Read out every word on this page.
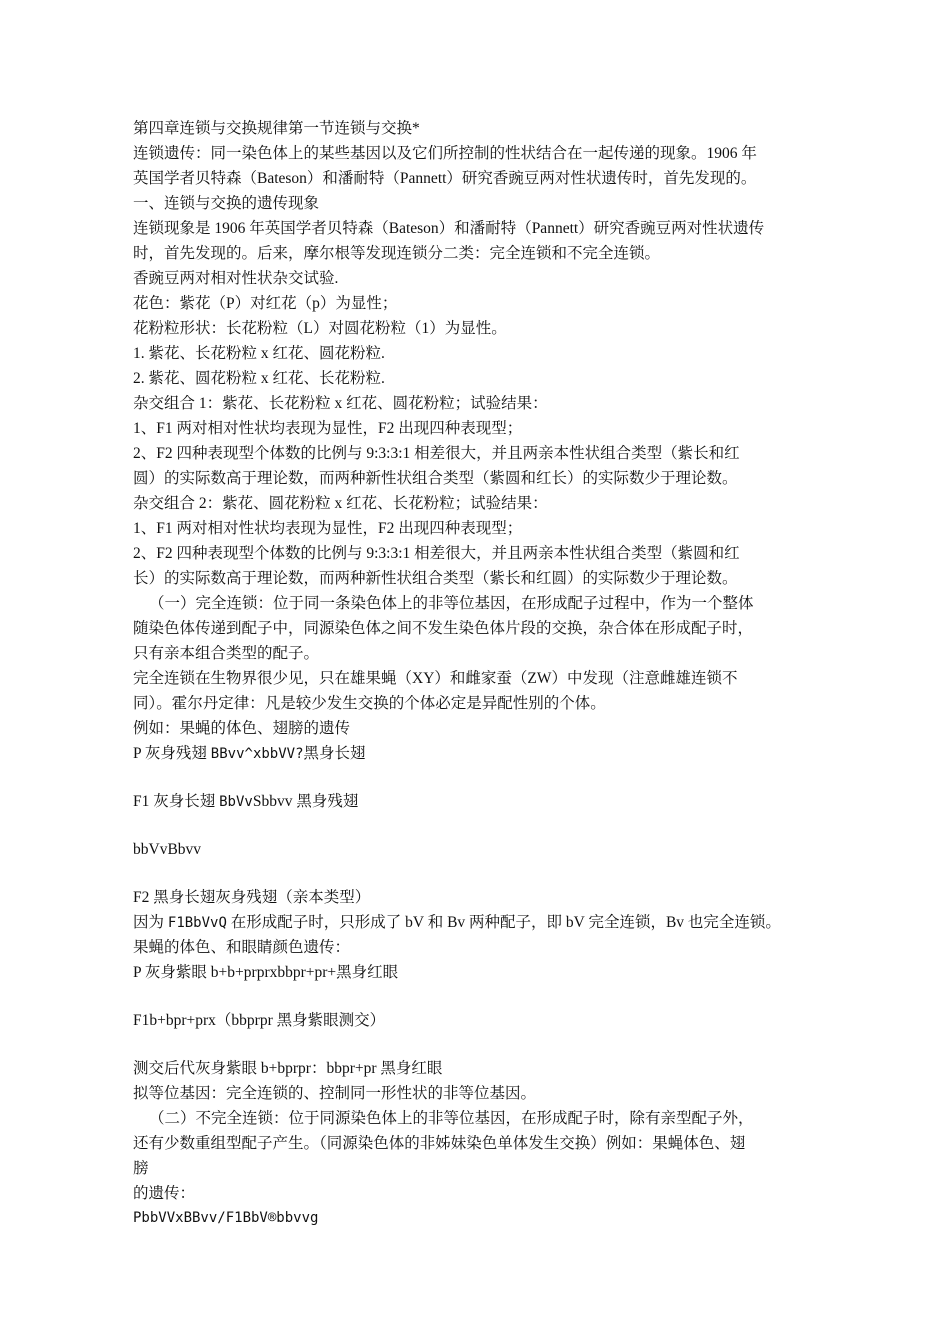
第四章连锁与交换规律第一节连锁与交换*
连锁遗传：同一染色体上的某些基因以及它们所控制的性状结合在一起传递的现象。1906 年
英国学者贝特森（Bateson）和潘耐特（Pannett）研究香豌豆两对性状遗传时，首先发现的。
一、连锁与交换的遗传现象
连锁现象是 1906 年英国学者贝特森（Bateson）和潘耐特（Pannett）研究香豌豆两对性状遗传
时，首先发现的。后来，摩尔根等发现连锁分二类：完全连锁和不完全连锁。
香豌豆两对相对性状杂交试验.
花色：紫花（P）对红花（p）为显性；
花粉粒形状：长花粉粒（L）对圆花粉粒（1）为显性。
1. 紫花、长花粉粒 x 红花、圆花粉粒.
2. 紫花、圆花粉粒 x 红花、长花粉粒.
杂交组合 1：紫花、长花粉粒 x 红花、圆花粉粒；试验结果：
1、F1 两对相对性状均表现为显性，F2 出现四种表现型；
2、F2 四种表现型个体数的比例与 9:3:3:1 相差很大，并且两亲本性状组合类型（紫长和红
圆）的实际数高于理论数，而两种新性状组合类型（紫圆和红长）的实际数少于理论数。
杂交组合 2：紫花、圆花粉粒 x 红花、长花粉粒；试验结果：
1、F1 两对相对性状均表现为显性，F2 出现四种表现型；
2、F2 四种表现型个体数的比例与 9:3:3:1 相差很大，并且两亲本性状组合类型（紫圆和红
长）的实际数高于理论数，而两种新性状组合类型（紫长和红圆）的实际数少于理论数。
（一）完全连锁：位于同一条染色体上的非等位基因，在形成配子过程中，作为一个整体
随染色体传递到配子中，同源染色体之间不发生染色体片段的交换，杂合体在形成配子时，
只有亲本组合类型的配子。
完全连锁在生物界很少见，只在雄果蝇（XY）和雌家蚕（ZW）中发现（注意雌雄连锁不
同）。霍尔丹定律：凡是较少发生交换的个体必定是异配性别的个体。
例如：果蝇的体色、翅膀的遗传
P 灰身残翅 BBvv^xbbVV?黑身长翅
F1 灰身长翅 BbVvSbbvv 黑身残翅
bbVvBbvv
F2 黑身长翅灰身残翅（亲本类型）
因为 F1BbVvQ 在形成配子时，只形成了 bV 和 Bv 两种配子，即 bV 完全连锁，Bv 也完全连锁。
果蝇的体色、和眼睛颜色遗传：
P 灰身紫眼 b+b+prprxbbpr+pr+黑身红眼
F1b+bpr+prx（bbprpr 黑身紫眼测交）
测交后代灰身紫眼 b+bprpr：bbpr+pr 黑身红眼
拟等位基因：完全连锁的、控制同一形性状的非等位基因。
（二）不完全连锁：位于同源染色体上的非等位基因，在形成配子时，除有亲型配子外，
还有少数重组型配子产生。（同源染色体的非姊妹染色单体发生交换）例如：果蝇体色、翅
膀
的遗传：
PbbVVxBBvv/F1BbV®bbvvg
